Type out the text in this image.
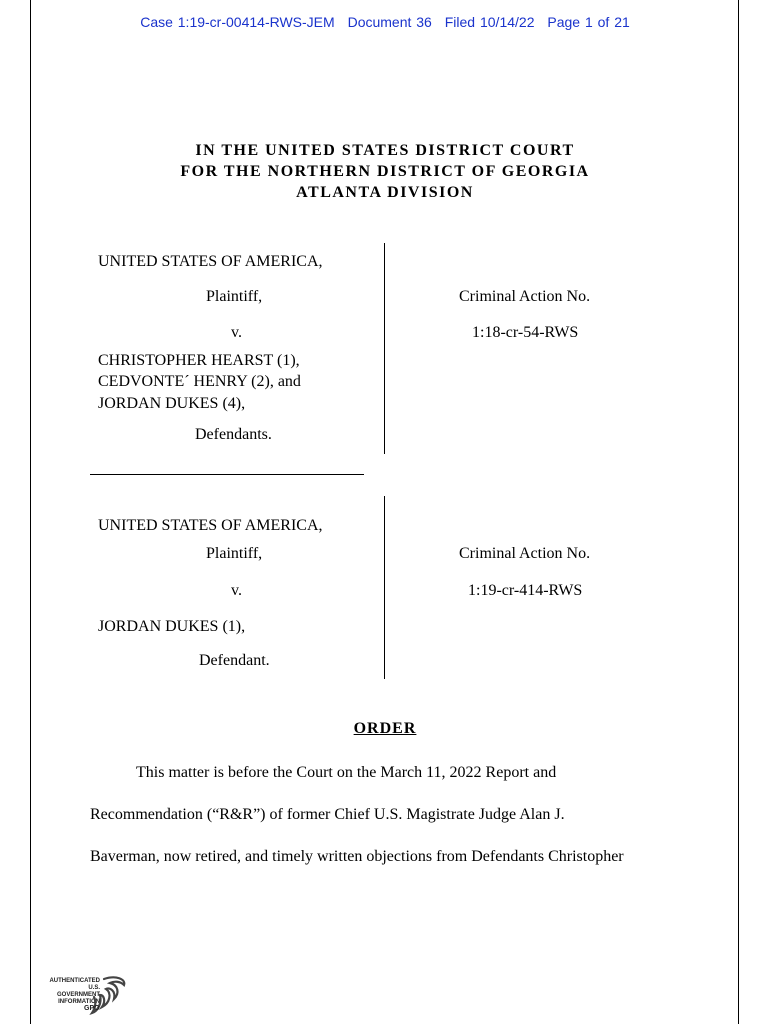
Case 1:19-cr-00414-RWS-JEM Document 36 Filed 10/14/22 Page 1 of 21
IN THE UNITED STATES DISTRICT COURT
FOR THE NORTHERN DISTRICT OF GEORGIA
ATLANTA DIVISION
UNITED STATES OF AMERICA,
Plaintiff,
v.
CHRISTOPHER HEARST (1),
CEDVONTE´ HENRY (2), and
JORDAN DUKES (4),
Defendants.
Criminal Action No.
1:18-cr-54-RWS
UNITED STATES OF AMERICA,
Plaintiff,
v.
JORDAN DUKES (1),
Defendant.
Criminal Action No.
1:19-cr-414-RWS
ORDER
This matter is before the Court on the March 11, 2022 Report and
Recommendation (“R&R”) of former Chief U.S. Magistrate Judge Alan J.
Baverman, now retired, and timely written objections from Defendants Christopher
AUTHENTICATED
U.S. GOVERNMENT
INFORMATION
GPO
